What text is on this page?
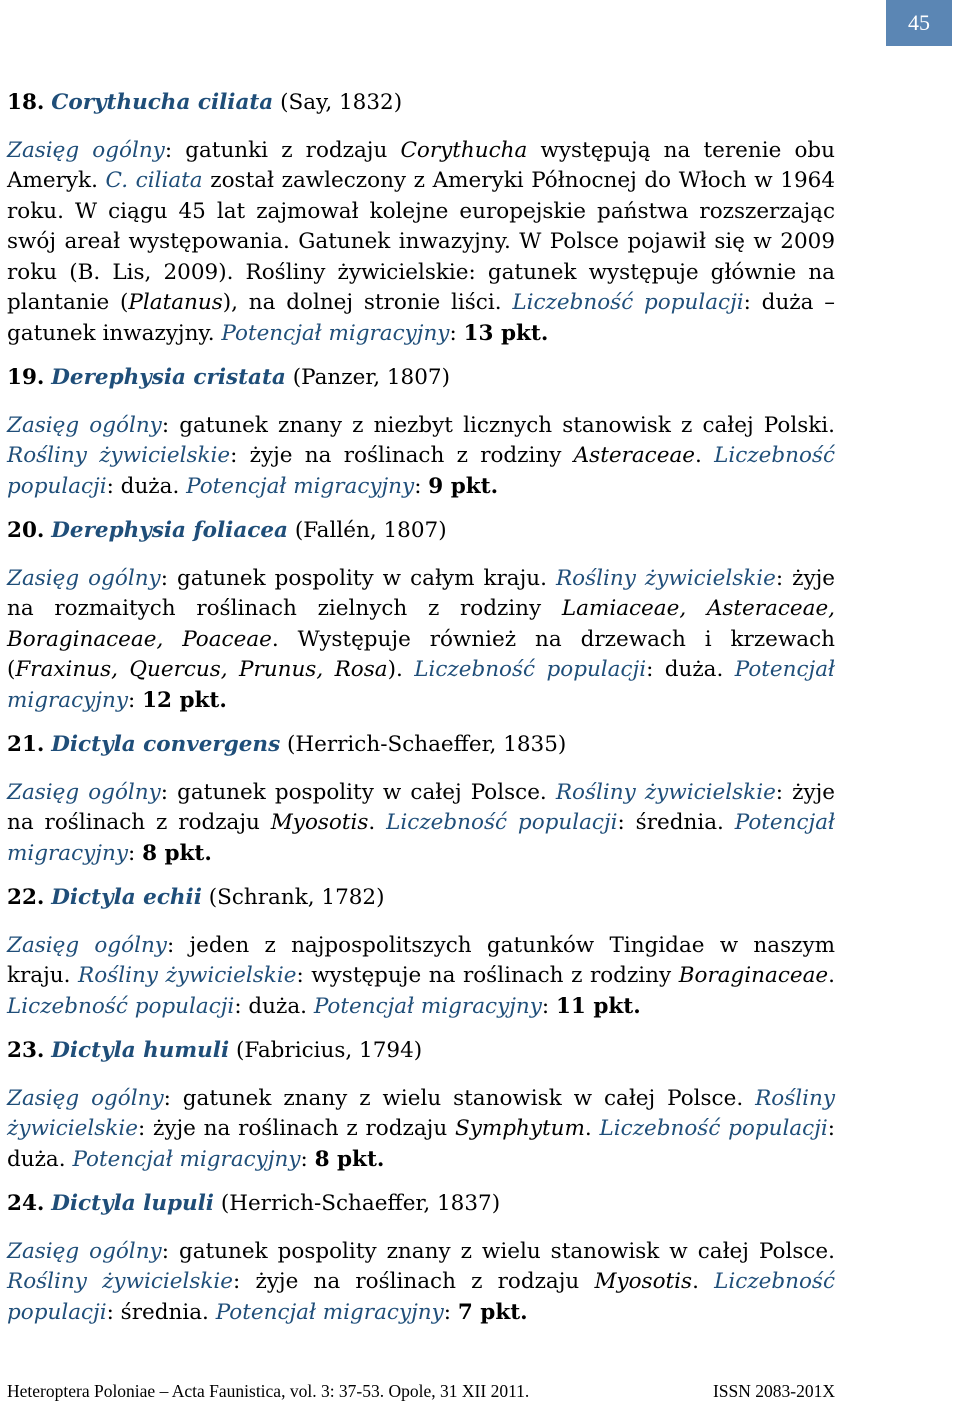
45
18. Corythucha ciliata (Say, 1832)

Zasięg ogólny: gatunki z rodzaju Corythucha występują na terenie obu Ameryk. C. ciliata został zawleczony z Ameryki Północnej do Włoch w 1964 roku. W ciągu 45 lat zajmował kolejne europejskie państwa rozszerzając swój areał występowania. Gatunek inwazyjny. W Polsce pojawił się w 2009 roku (B. Lis, 2009). Rośliny żywicielskie: gatunek występuje głównie na plantanie (Platanus), na dolnej stronie liści. Liczebność populacji: duża – gatunek inwazyjny. Potencjał migracyjny: 13 pkt.

19. Derephysia cristata (Panzer, 1807)

Zasięg ogólny: gatunek znany z niezbyt licznych stanowisk z całej Polski. Rośliny żywicielskie: żyje na roślinach z rodziny Asteraceae. Liczebność populacji: duża. Potencjał migracyjny: 9 pkt.

20. Derephysia foliacea (Fallén, 1807)

Zasięg ogólny: gatunek pospolity w całym kraju. Rośliny żywicielskie: żyje na rozmaitych roślinach zielnych z rodziny Lamiaceae, Asteraceae, Boraginaceae, Poaceae. Występuje również na drzewach i krzewach (Fraxinus, Quercus, Prunus, Rosa). Liczebność populacji: duża. Potencjał migracyjny: 12 pkt.

21. Dictyla convergens (Herrich-Schaeffer, 1835)

Zasięg ogólny: gatunek pospolity w całej Polsce. Rośliny żywicielskie: żyje na roślinach z rodzaju Myosotis. Liczebność populacji: średnia. Potencjał migracyjny: 8 pkt.

22. Dictyla echii (Schrank, 1782)

Zasięg ogólny: jeden z najpospolitszych gatunków Tingidae w naszym kraju. Rośliny żywicielskie: występuje na roślinach z rodziny Boraginaceae. Liczebność populacji: duża. Potencjał migracyjny: 11 pkt.

23. Dictyla humuli (Fabricius, 1794)

Zasięg ogólny: gatunek znany z wielu stanowisk w całej Polsce. Rośliny żywicielskie: żyje na roślinach z rodzaju Symphytum. Liczebność populacji: duża. Potencjał migracyjny: 8 pkt.

24. Dictyla lupuli (Herrich-Schaeffer, 1837)

Zasięg ogólny: gatunek pospolity znany z wielu stanowisk w całej Polsce. Rośliny żywicielskie: żyje na roślinach z rodzaju Myosotis. Liczebność populacji: średnia. Potencjał migracyjny: 7 pkt.

Heteroptera Poloniae – Acta Faunistica, vol. 3: 37-53. Opole, 31 XII 2011.	ISSN 2083-201X
